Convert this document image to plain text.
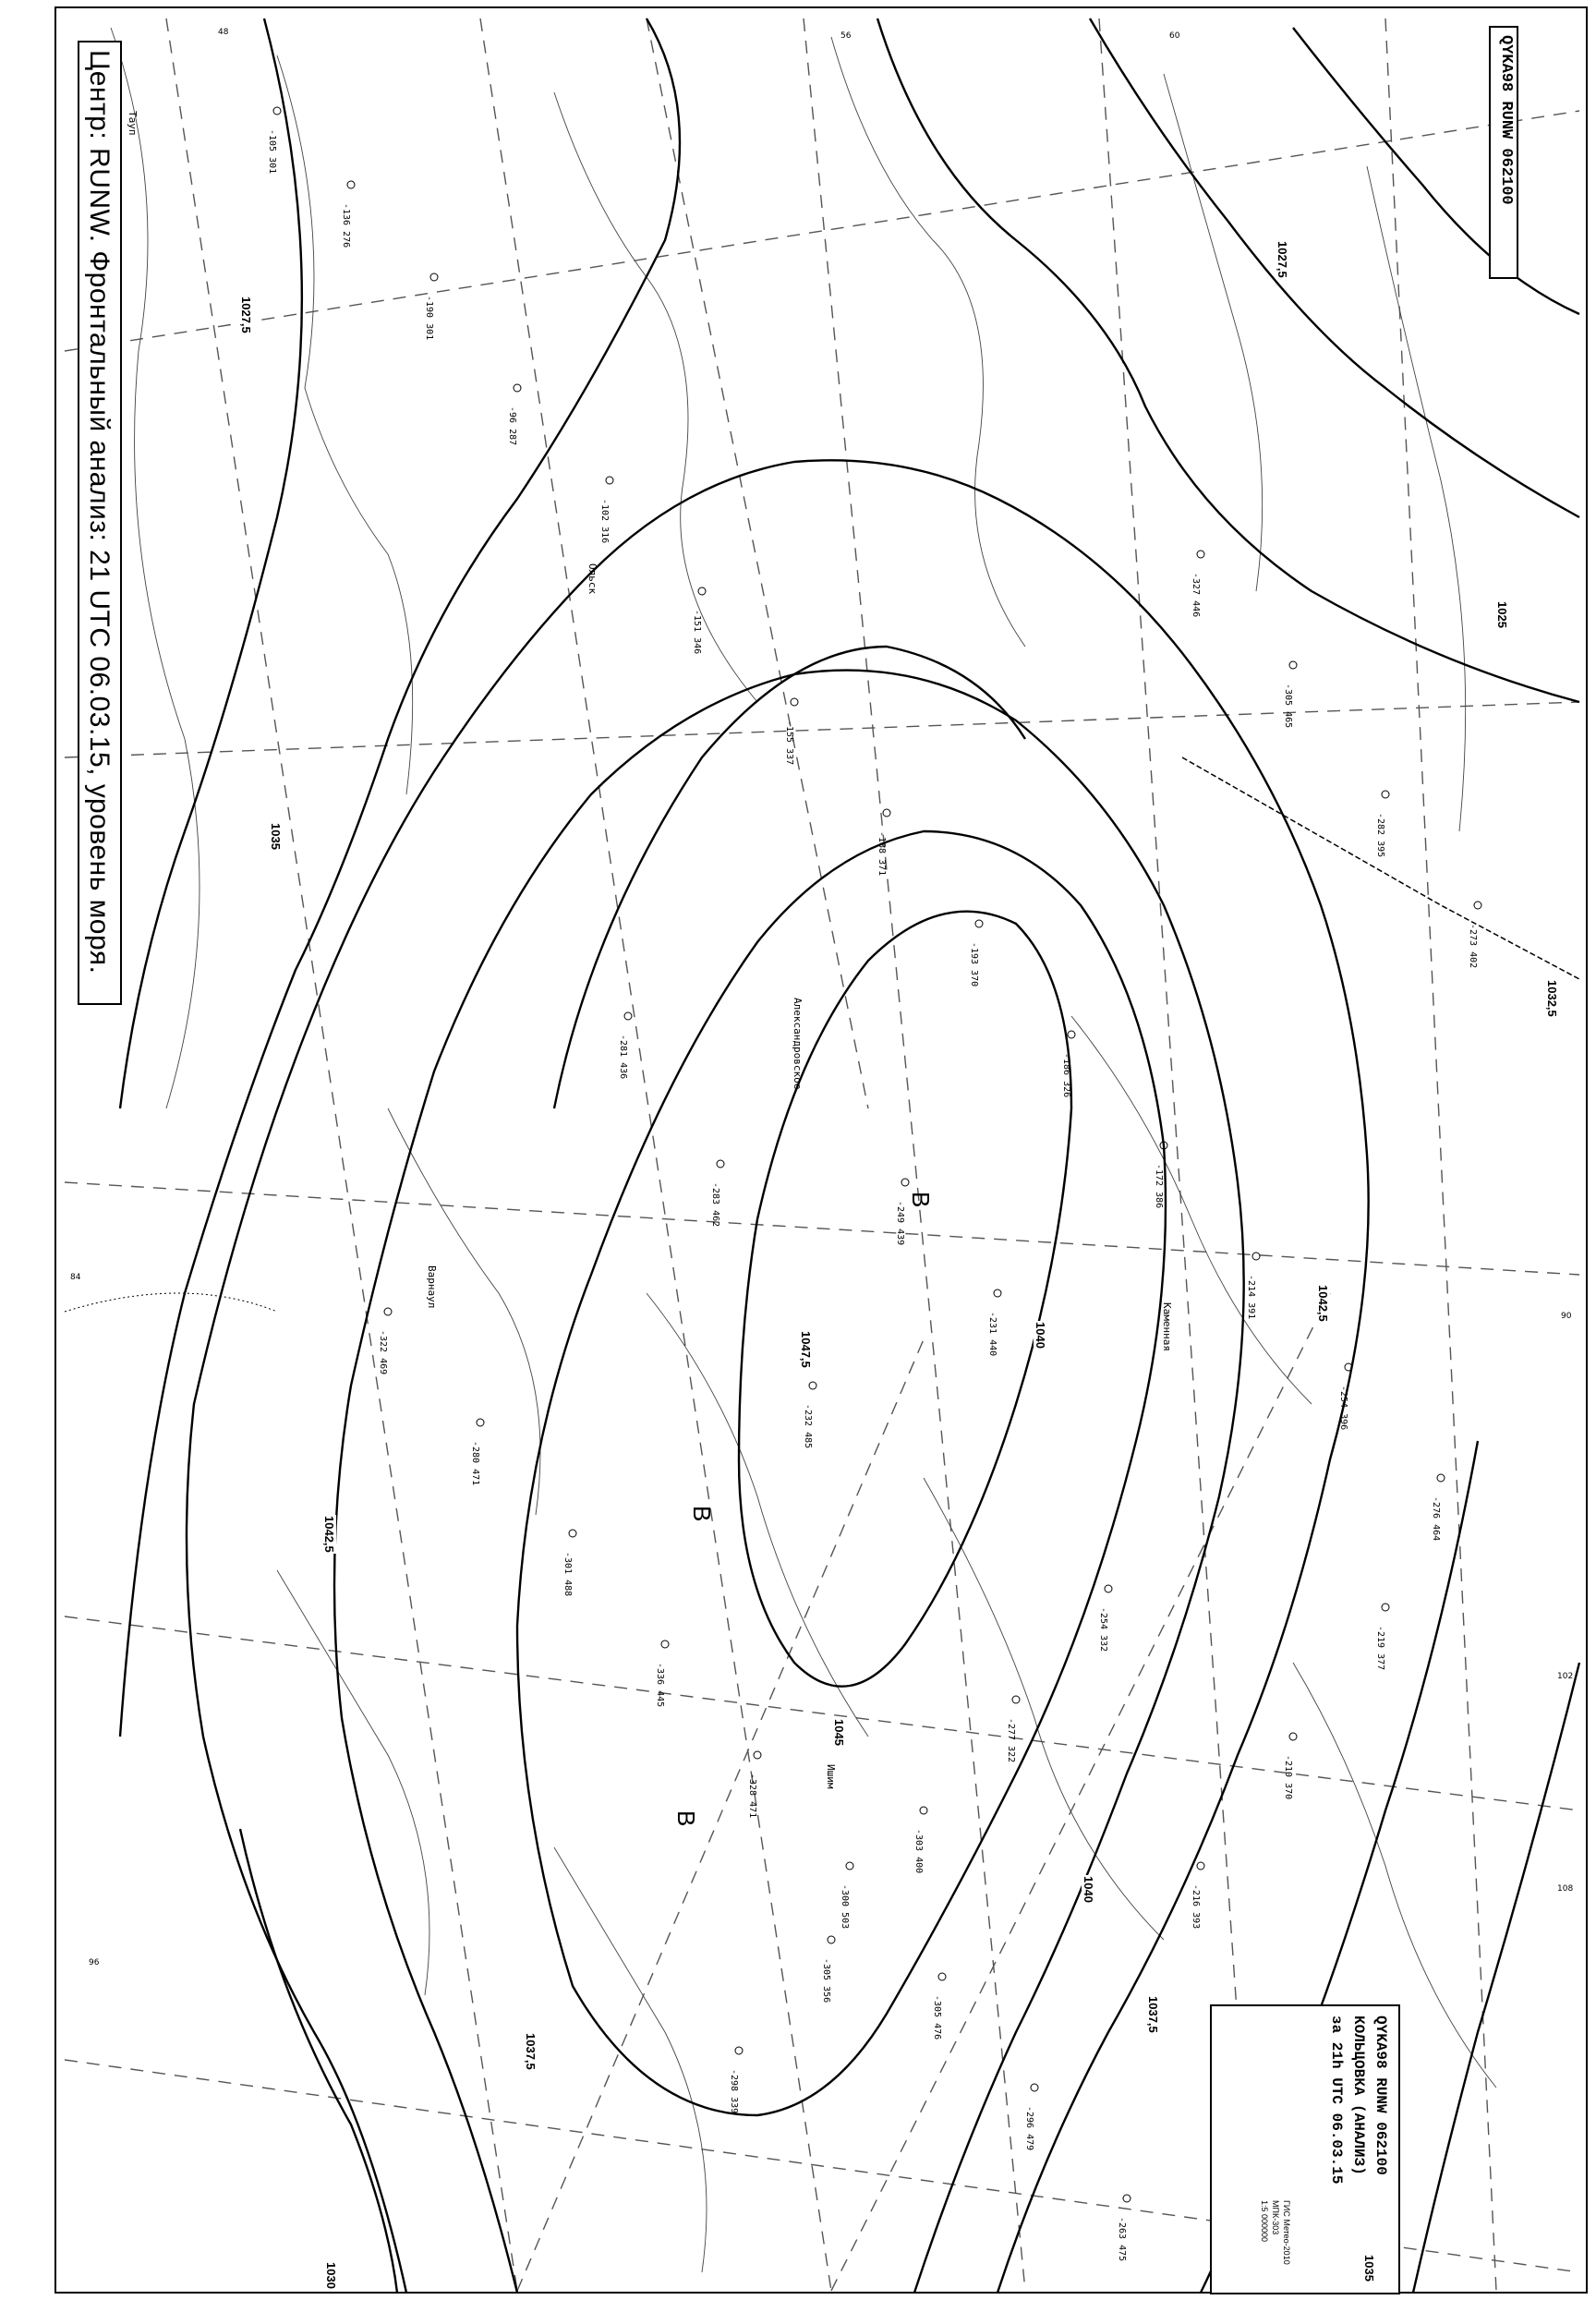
Центр: RUNW. Фронтальный анализ: 21 UTC 06.03.15, уровень моря.	QYKA98 RUNW 062100
QYKA98 RUNW 062100
КОЛЬЦОВКА (АНАЛИЗ)
за 21h UTC 06.03.15
ГИС Метео-2010
МПК-303
1:5 000000
В
В
В
1027,5
1027,5
1030
1032,5
1035
1035
1037,5
1037,5
1040
1040
1042,5
1042,5
1045
1047,5
1025
-105 301
-136 276
-190 301
-96 287
-102 316
-151 346
-155 337
-188 371
-193 370
-186 326
-172 386
-214 391
-254 396
-276 464
-322 469
-280 471
-301 488
-336 445
-328 471
-300 503
-305 476
-296 479
-263 475
-249 439
-231 440
-232 485
-283 462
-281 436
-327 446
-305 465
-282 395
-273 402
-219 377
-210 370
-216 393
-254 332
-277 322
-303 400
-305 356
-298 339
Тауп
Ольск
Александровское
Варнаул
Каменная
Ишим
48	56	60
84
90
96
102
108
